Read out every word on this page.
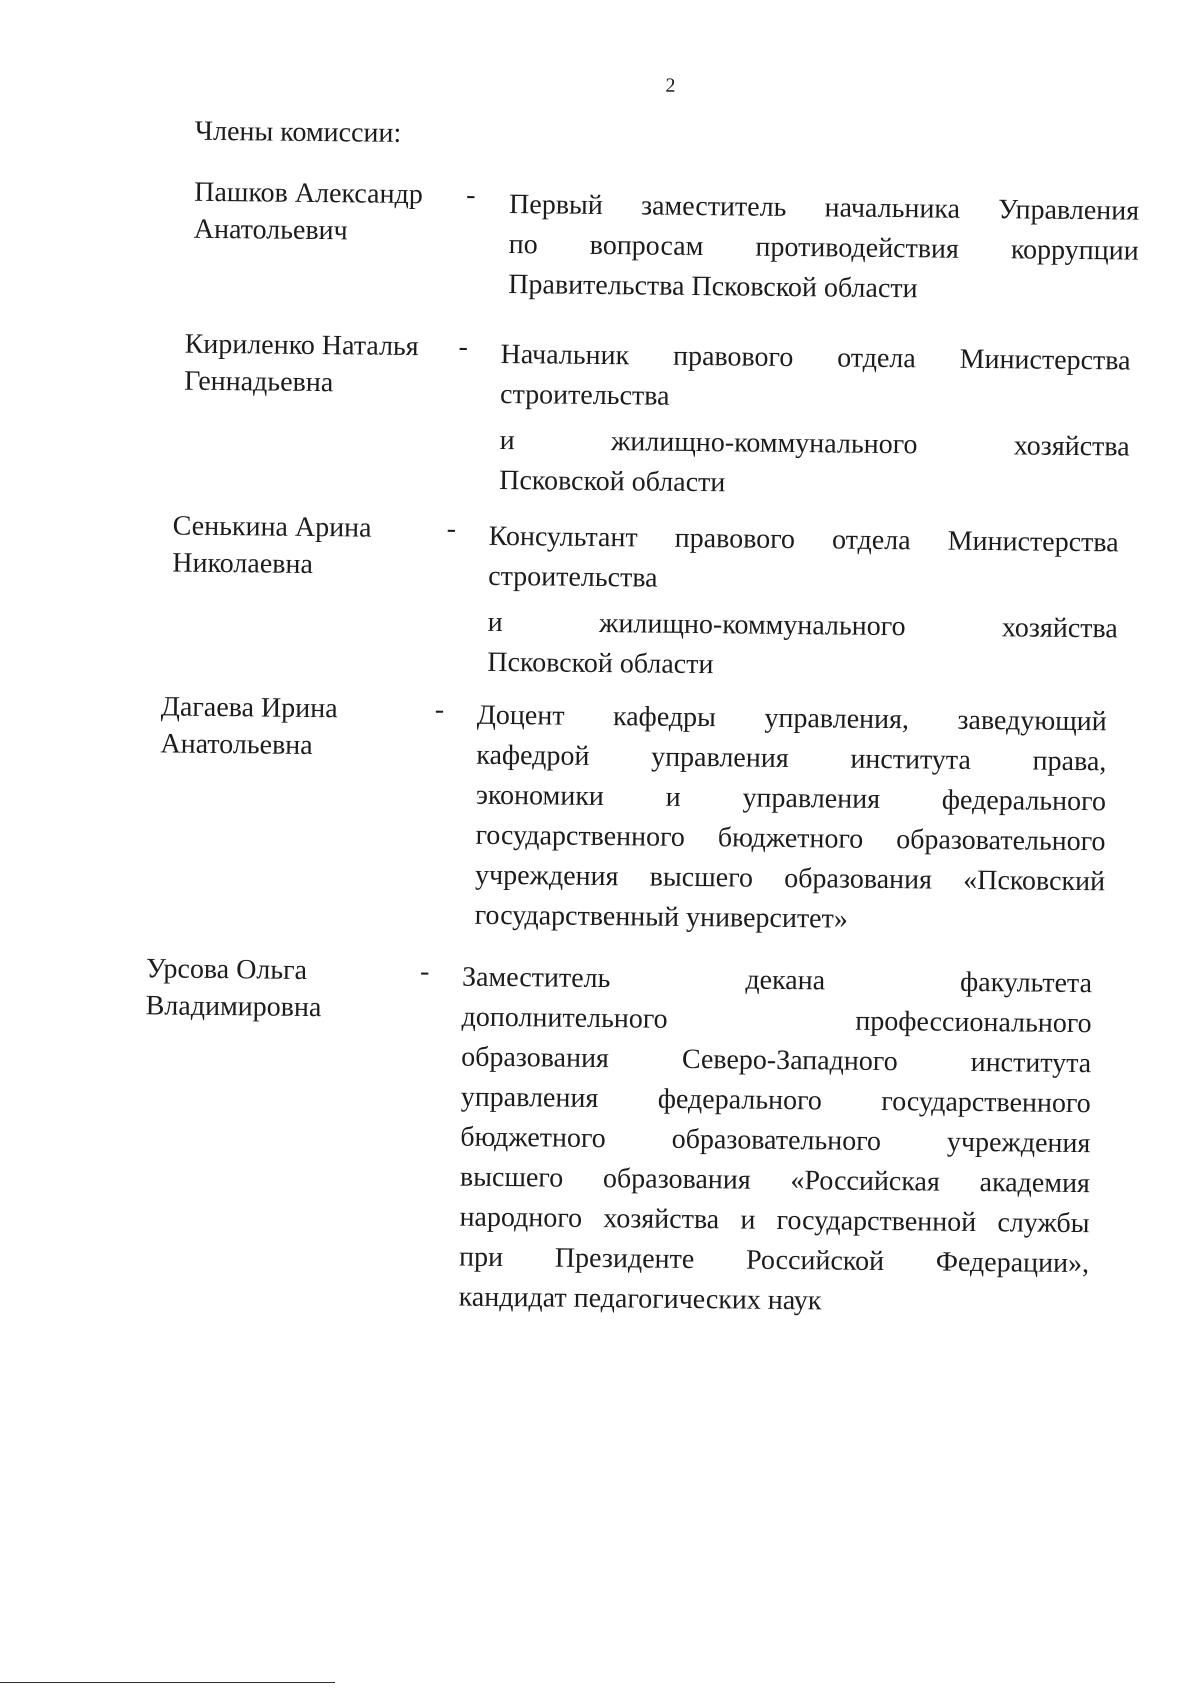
2
Члены комиссии:
Пашков Александр
Анатольевич
- Первый заместитель начальника Управления
по вопросам противодействия коррупции
Правительства Псковской области
Кириленко Наталья
Геннадьевна
- Начальник правового отдела Министерства
строительства
и жилищно-коммунального хозяйства
Псковской области
Сенькина Арина
Николаевна
- Консультант правового отдела Министерства
строительства
и жилищно-коммунального хозяйства
Псковской области
Дагаева Ирина
Анатольевна
- Доцент кафедры управления, заведующий
кафедрой управления института права,
экономики и управления федерального
государственного бюджетного образовательного
учреждения высшего образования «Псковский
государственный университет»
Урсова Ольга
Владимировна
- Заместитель декана факультета
дополнительного профессионального
образования Северо-Западного института
управления федерального государственного
бюджетного образовательного учреждения
высшего образования «Российская академия
народного хозяйства и государственной службы
при Президенте Российской Федерации»,
кандидат педагогических наук
